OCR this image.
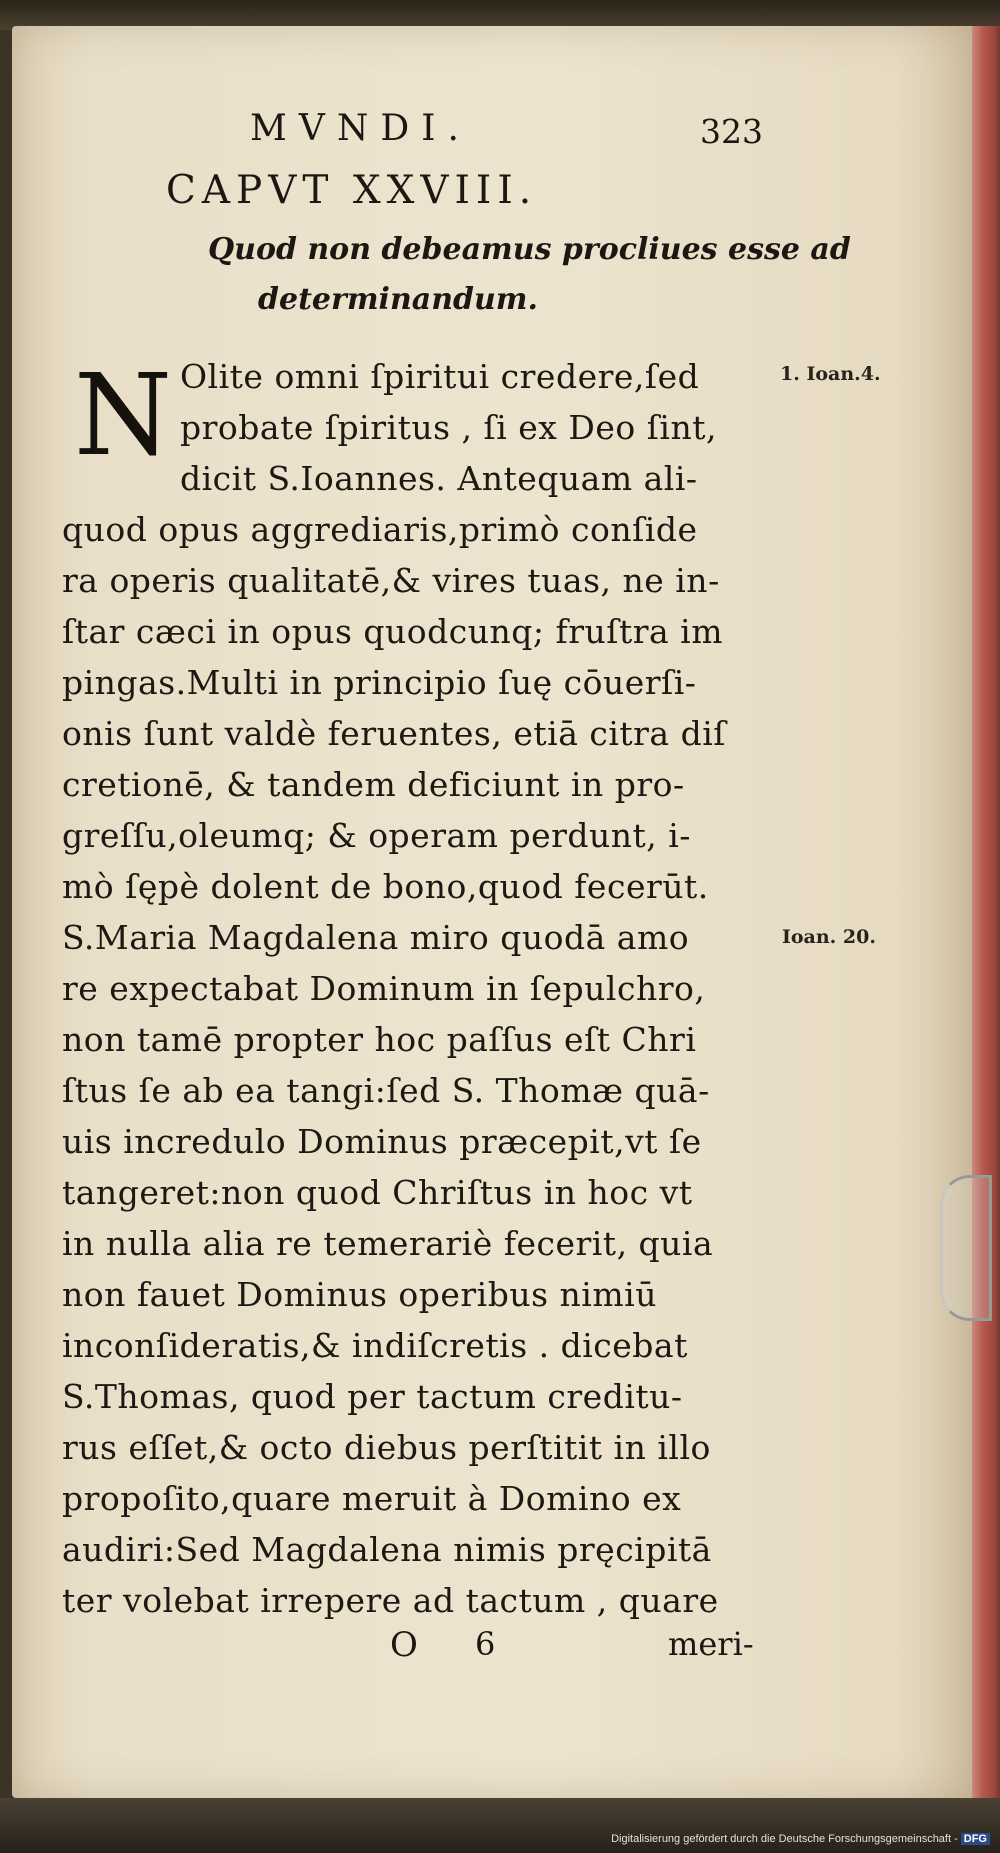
MVNDI.	323
CAPVT XXVIII.
Quod non debeamus procliues esse ad
determinandum.
N Olite omni ſpiritui credere,ſed
probate ſpiritus , ſi ex Deo ſint,
dicit S.Ioannes. Antequam ali-
quod opus aggrediaris,primò conſide
ra operis qualitatē,& vires tuas, ne in-
ſtar cæci in opus quodcunq; fruſtra im
pingas.Multi in principio ſuę cōuerſi-
onis ſunt valdè feruentes, etiā citra diſ
cretionē, & tandem deficiunt in pro-
greſſu,oleumq; & operam perdunt, i-
mò ſępè dolent de bono,quod fecerūt.
S.Maria Magdalena miro quodā amo
re expectabat Dominum in ſepulchro,
non tamē propter hoc paſſus eſt Chri
ſtus ſe ab ea tangi:ſed S. Thomæ quā-
uis incredulo Dominus præcepit,vt ſe
tangeret:non quod Chriſtus in hoc vt
in nulla alia re temerariè fecerit, quia
non fauet Dominus operibus nimiū
inconſideratis,& indiſcretis . dicebat
S.Thomas, quod per tactum creditu-
rus eſſet,& octo diebus perſtitit in illo
propoſito,quare meruit à Domino ex
audiri:Sed Magdalena nimis pręcipitā
ter volebat irrepere ad tactum , quare
1. Ioan.4.
Ioan. 20.
O 6	meri-
Digitalisierung gefördert durch die Deutsche Forschungsgemeinschaft - DFG
